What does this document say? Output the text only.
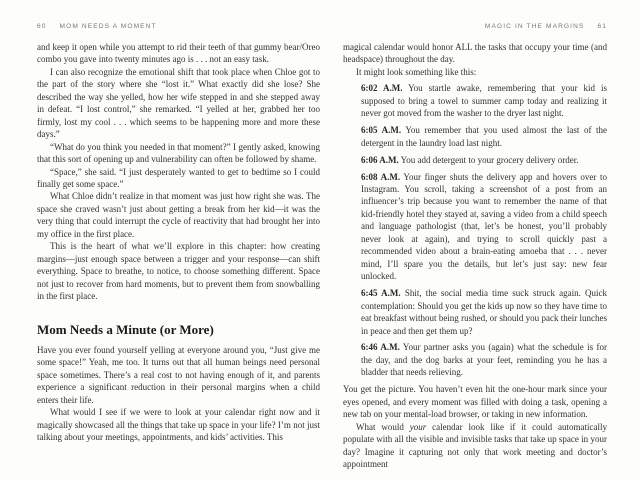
60 MOM NEEDS A MOMENT

and keep it open while you attempt to rid their teeth of that gummy bear/Oreo combo you gave into twenty minutes ago is . . . not an easy task.

I can also recognize the emotional shift that took place when Chloe got to the part of the story where she “lost it.” What exactly did she lose? She described the way she yelled, how her wife stepped in and she stepped away in defeat. “I lost control,” she remarked. “I yelled at her, grabbed her too firmly, lost my cool . . . which seems to be happening more and more these days.”

“What do you think you needed in that moment?” I gently asked, knowing that this sort of opening up and vulnerability can often be followed by shame.

“Space,” she said. “I just desperately wanted to get to bedtime so I could finally get some space.”

What Chloe didn’t realize in that moment was just how right she was. The space she craved wasn’t just about getting a break from her kid—it was the very thing that could interrupt the cycle of reactivity that had brought her into my office in the first place.

This is the heart of what we’ll explore in this chapter: how creating margins—just enough space between a trigger and your response—can shift everything. Space to breathe, to notice, to choose something different. Space not just to recover from hard moments, but to prevent them from snowballing in the first place.

Mom Needs a Minute (or More)

Have you ever found yourself yelling at everyone around you, “Just give me some space!” Yeah, me too. It turns out that all human beings need personal space sometimes. There’s a real cost to not having enough of it, and parents experience a significant reduction in their personal margins when a child enters their life.

What would I see if we were to look at your calendar right now and it magically showcased all the things that take up space in your life? I’m not just talking about your meetings, appointments, and kids’ activities. This

MAGIC IN THE MARGINS 61

magical calendar would honor ALL the tasks that occupy your time (and headspace) throughout the day.

It might look something like this:

6:02 A.M. You startle awake, remembering that your kid is supposed to bring a towel to summer camp today and realizing it never got moved from the washer to the dryer last night.
6:05 A.M. You remember that you used almost the last of the detergent in the laundry load last night.
6:06 A.M. You add detergent to your grocery delivery order.
6:08 A.M. Your finger shuts the delivery app and hovers over to Instagram. You scroll, taking a screenshot of a post from an influencer’s trip because you want to remember the name of that kid-friendly hotel they stayed at, saving a video from a child speech and language pathologist (that, let’s be honest, you’ll probably never look at again), and trying to scroll quickly past a recommended video about a brain-eating amoeba that . . . never mind, I’ll spare you the details, but let’s just say: new fear unlocked.
6:45 A.M. Shit, the social media time suck struck again. Quick contemplation: Should you get the kids up now so they have time to eat breakfast without being rushed, or should you pack their lunches in peace and then get them up?
6:46 A.M. Your partner asks you (again) what the schedule is for the day, and the dog barks at your feet, reminding you he has a bladder that needs relieving.

You get the picture. You haven’t even hit the one-hour mark since your eyes opened, and every moment was filled with doing a task, opening a new tab on your mental-load browser, or taking in new information.

What would your calendar look like if it could automatically populate with all the visible and invisible tasks that take up space in your day? Imagine it capturing not only that work meeting and doctor’s appointment
